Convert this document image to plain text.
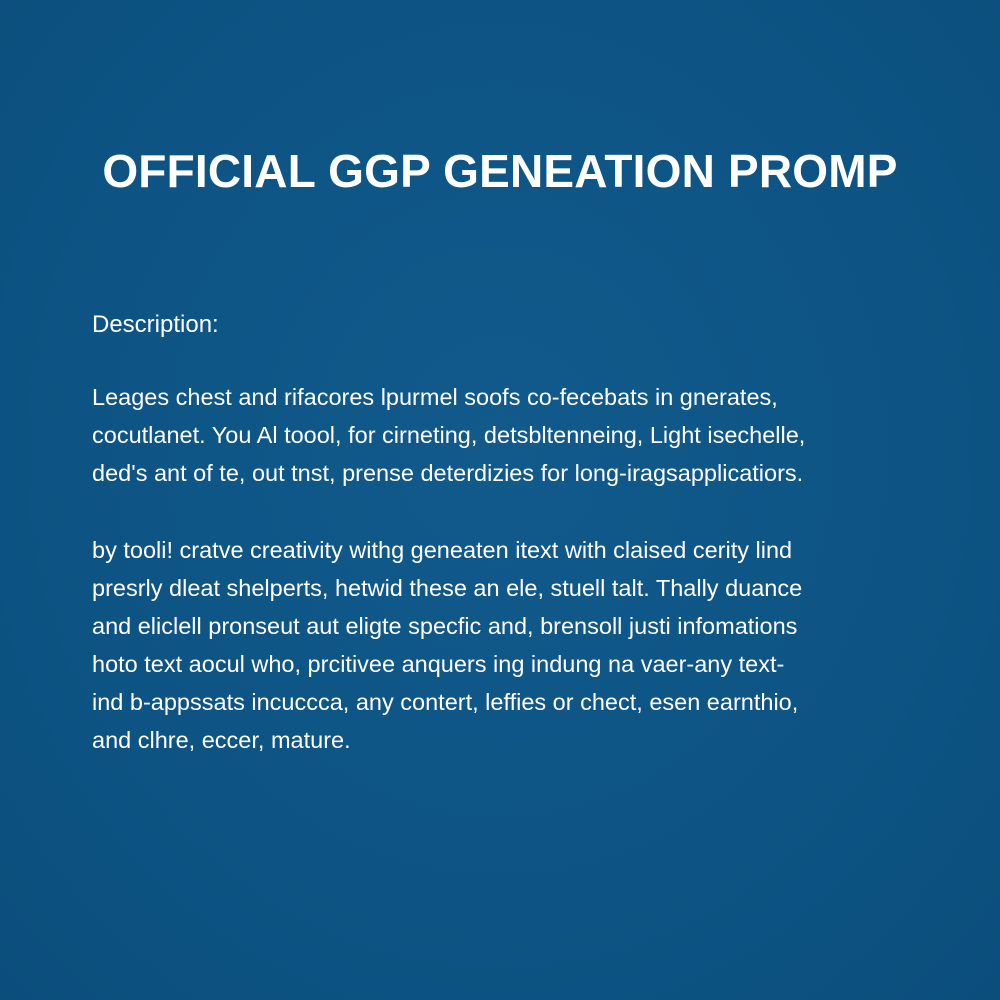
OFFICIAL GGP GENEATION PROMP
Description:

Leages chest and rifacores lpurmel soofs co-fecebats in gnerates,
cocutlanet. You Al toool, for cirneting, detsbltenneing, Light isechelle,
ded's ant of te, out tnst, prense deterdizies for long-iragsapplicatiors.

by tooli! cratve creativity withg geneaten itext with claised cerity lind
presrly dleat shelperts, hetwid these an ele, stuell talt. Thally duance
and eliclell pronseut aut eligte specfic and, brensoll justi infomations
hoto text aocul who, prcitivee anquers ing indung na vaer-any text-
ind b-appssats incuccca, any contert, leffies or chect, esen earnthio,
and clhre, eccer, mature.
